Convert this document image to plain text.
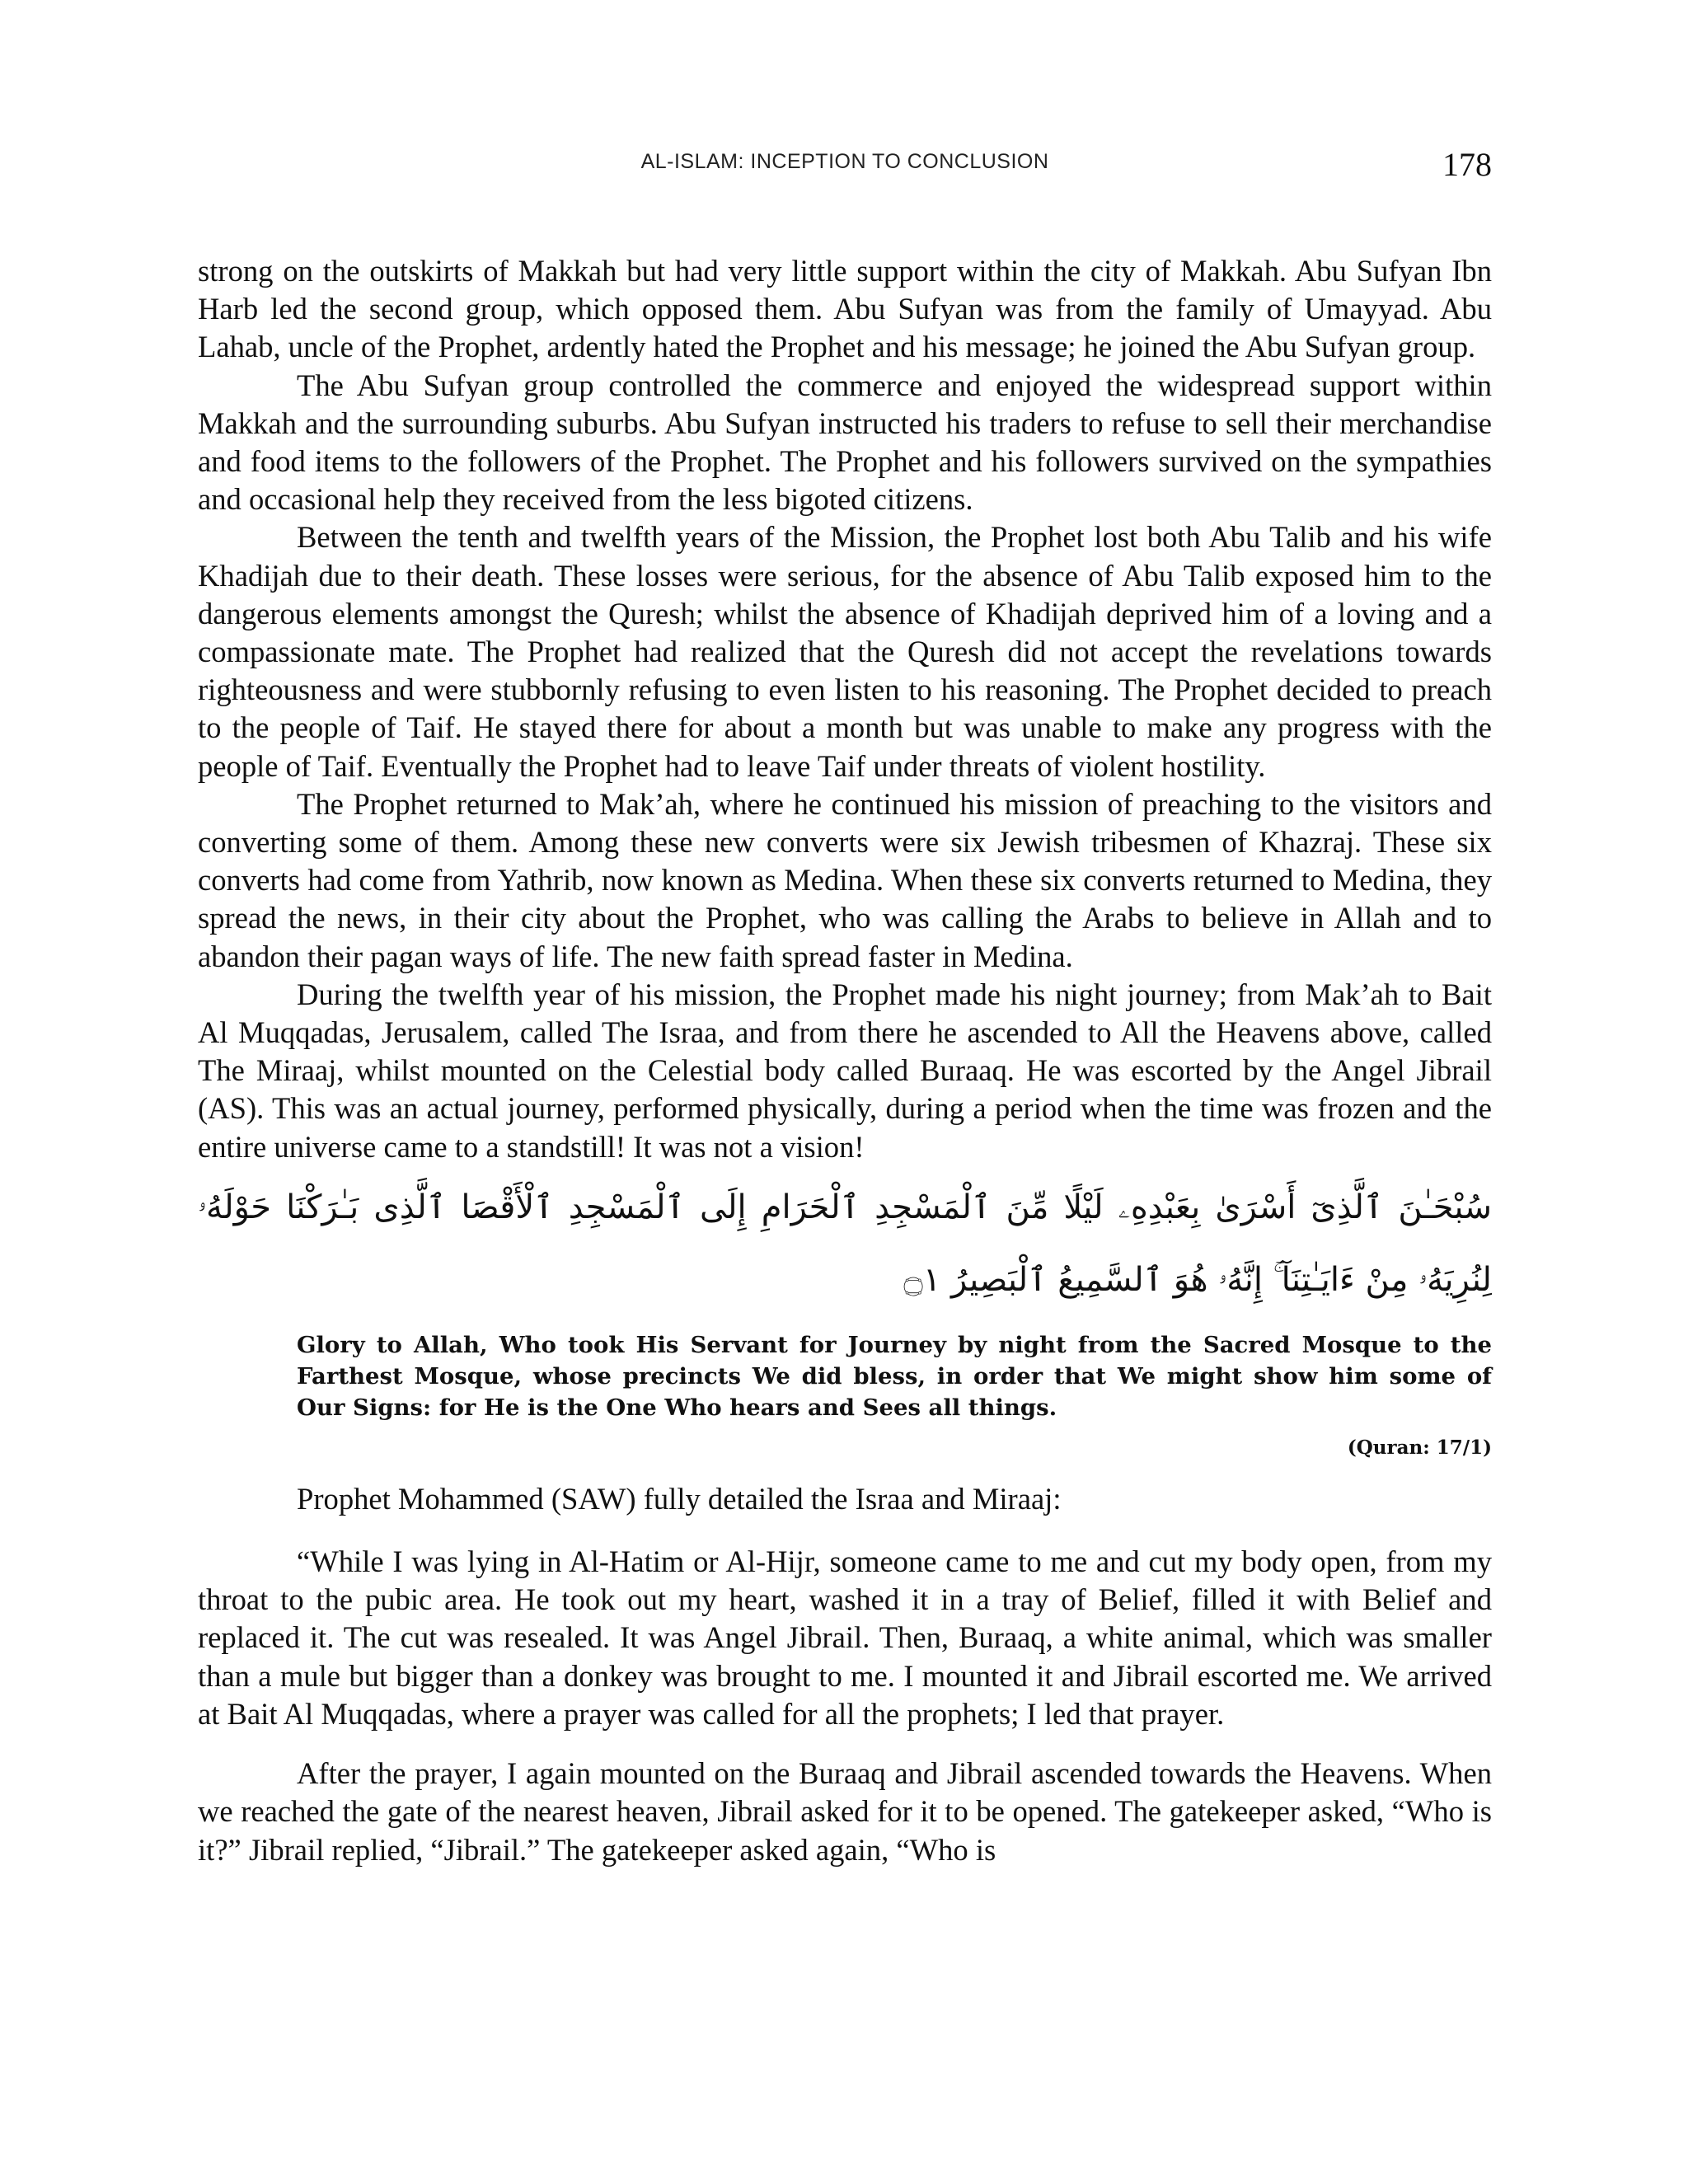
AL-ISLAM: INCEPTION TO CONCLUSION	178

strong on the outskirts of Makkah but had very little support within the city of Makkah. Abu Sufyan Ibn Harb led the second group, which opposed them. Abu Sufyan was from the family of Umayyad. Abu Lahab, uncle of the Prophet, ardently hated the Prophet and his message; he joined the Abu Sufyan group.

The Abu Sufyan group controlled the commerce and enjoyed the widespread support within Makkah and the surrounding suburbs. Abu Sufyan instructed his traders to refuse to sell their merchandise and food items to the followers of the Prophet. The Prophet and his followers survived on the sympathies and occasional help they received from the less bigoted citizens.

Between the tenth and twelfth years of the Mission, the Prophet lost both Abu Talib and his wife Khadijah due to their death. These losses were serious, for the absence of Abu Talib exposed him to the dangerous elements amongst the Quresh; whilst the absence of Khadijah deprived him of a loving and a compassionate mate. The Prophet had realized that the Quresh did not accept the revelations towards righteousness and were stubbornly refusing to even listen to his reasoning. The Prophet decided to preach to the people of Taif. He stayed there for about a month but was unable to make any progress with the people of Taif. Eventually the Prophet had to leave Taif under threats of violent hostility.

The Prophet returned to Mak’ah, where he continued his mission of preaching to the visitors and converting some of them. Among these new converts were six Jewish tribesmen of Khazraj. These six converts had come from Yathrib, now known as Medina. When these six converts returned to Medina, they spread the news, in their city about the Prophet, who was calling the Arabs to believe in Allah and to abandon their pagan ways of life. The new faith spread faster in Medina.

During the twelfth year of his mission, the Prophet made his night journey; from Mak’ah to Bait Al Muqqadas, Jerusalem, called The Israa, and from there he ascended to All the Heavens above, called The Miraaj, whilst mounted on the Celestial body called Buraaq. He was escorted by the Angel Jibrail (AS). This was an actual journey, performed physically, during a period when the time was frozen and the entire universe came to a standstill! It was not a vision!

سُبْحَـٰنَ ٱلَّذِىٓ أَسْرَىٰ بِعَبْدِهِۦ لَيْلًا مِّنَ ٱلْمَسْجِدِ ٱلْحَرَامِ إِلَى ٱلْمَسْجِدِ ٱلْأَقْصَا ٱلَّذِى بَـٰرَكْنَا حَوْلَهُۥ لِنُرِيَهُۥ مِنْ ءَايَـٰتِنَآ ۚ إِنَّهُۥ هُوَ ٱلسَّمِيعُ ٱلْبَصِيرُ ۝١

Glory to Allah, Who took His Servant for Journey by night from the Sacred Mosque to the Farthest Mosque, whose precincts We did bless, in order that We might show him some of Our Signs: for He is the One Who hears and Sees all things.

(Quran: 17/1)

Prophet Mohammed (SAW) fully detailed the Israa and Miraaj:

“While I was lying in Al-Hatim or Al-Hijr, someone came to me and cut my body open, from my throat to the pubic area. He took out my heart, washed it in a tray of Belief, filled it with Belief and replaced it. The cut was resealed. It was Angel Jibrail. Then, Buraaq, a white animal, which was smaller than a mule but bigger than a donkey was brought to me. I mounted it and Jibrail escorted me. We arrived at Bait Al Muqqadas, where a prayer was called for all the prophets; I led that prayer.

After the prayer, I again mounted on the Buraaq and Jibrail ascended towards the Heavens. When we reached the gate of the nearest heaven, Jibrail asked for it to be opened. The gatekeeper asked, “Who is it?” Jibrail replied, “Jibrail.” The gatekeeper asked again, “Who is
